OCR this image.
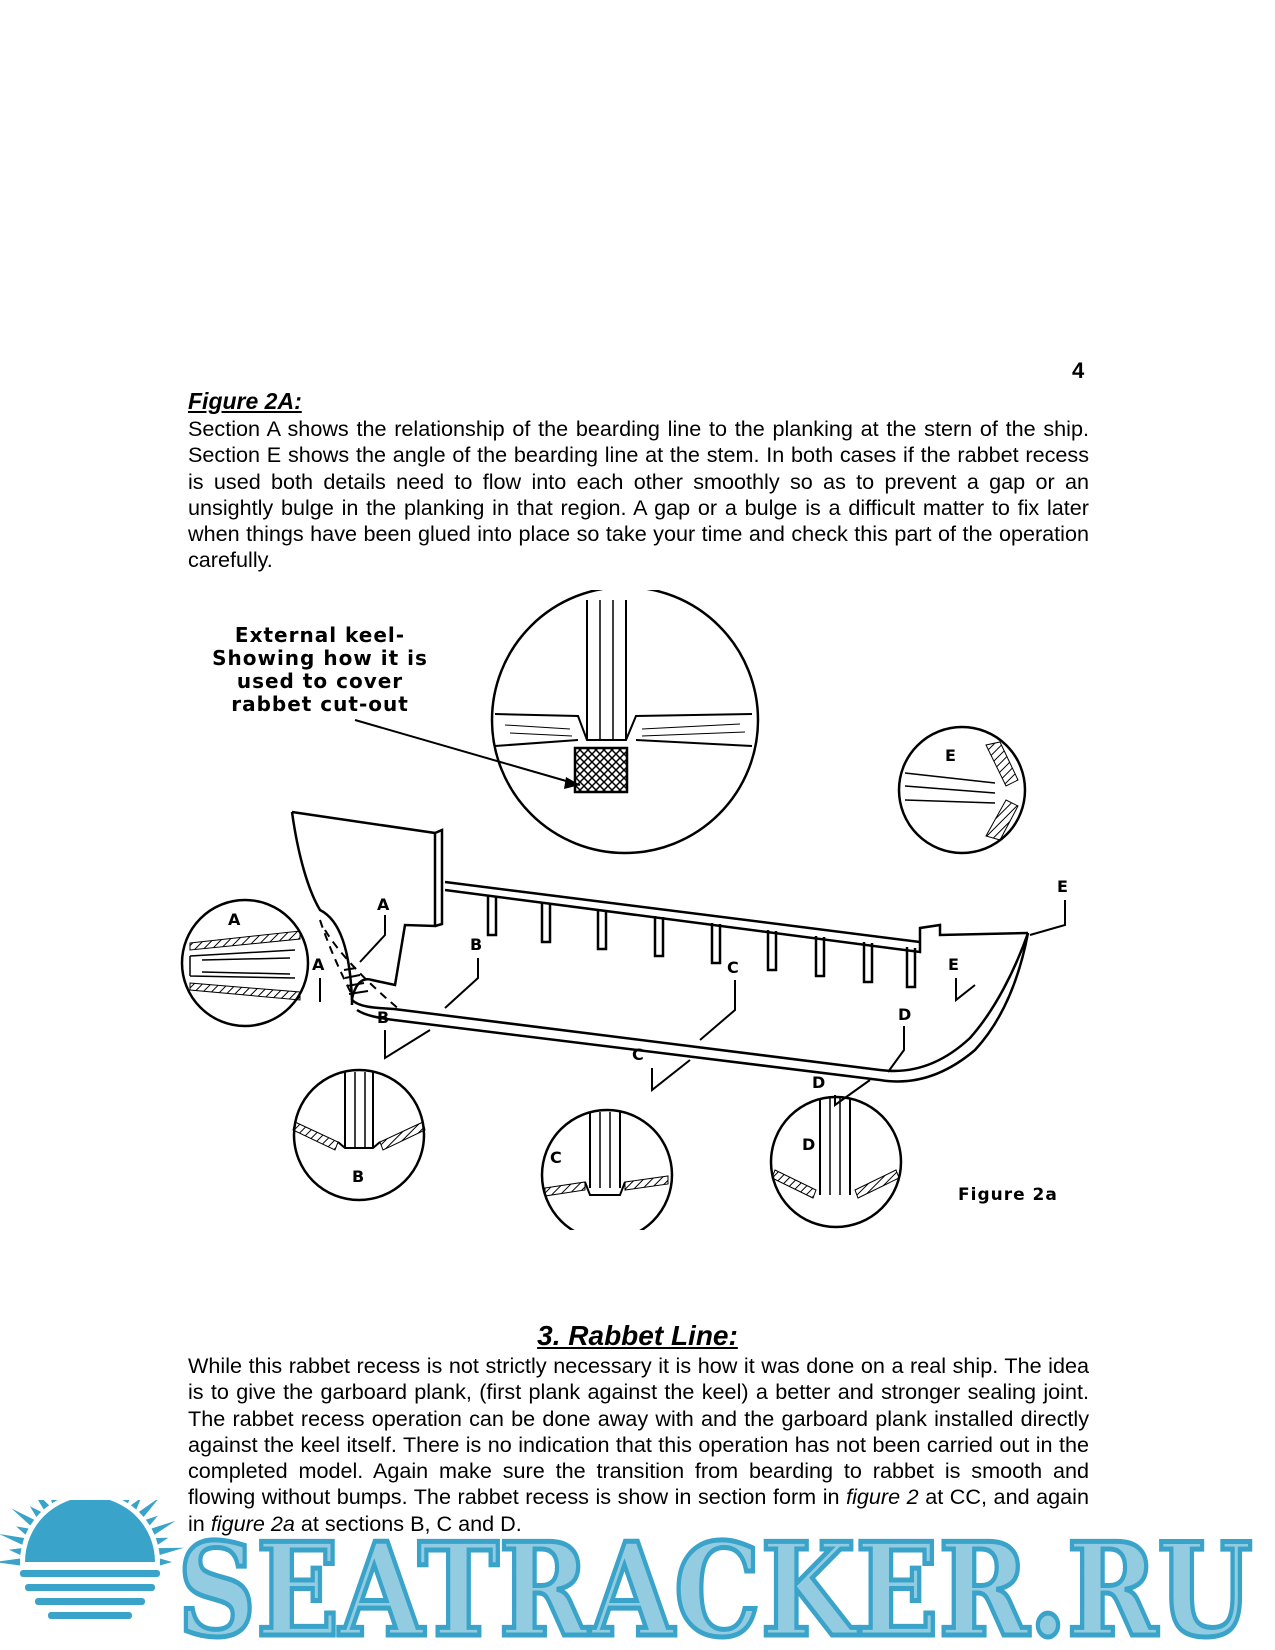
4
Figure 2A:

Section A shows the relationship of the bearding line to the planking at the stern of the ship. Section E shows the angle of the bearding line at the stem. In both cases if the rabbet recess is used both details need to flow into each other smoothly so as to prevent a gap or an unsightly bulge in the planking in that region. A gap or a bulge is a difficult matter to fix later when things have been glued into place so take your time and check this part of the operation carefully.

External keel-
Showing how it is
used to cover
rabbet cut-out
E
A
A
A
B
B
C
C
D
D
E
E
B
C
D
Figure 2a
3. Rabbet Line:

While this rabbet recess is not strictly necessary it is how it was done on a real ship. The idea is to give the garboard plank, (first plank against the keel) a better and stronger sealing joint. The rabbet recess operation can be done away with and the garboard plank installed directly against the keel itself. There is no indication that this operation has not been carried out in the completed model. Again make sure the transition from bearding to rabbet is smooth and flowing without bumps. The rabbet recess is show in section form in figure 2 at CC, and again in figure 2a at sections B, C and D.

SEATRACKER.RU
